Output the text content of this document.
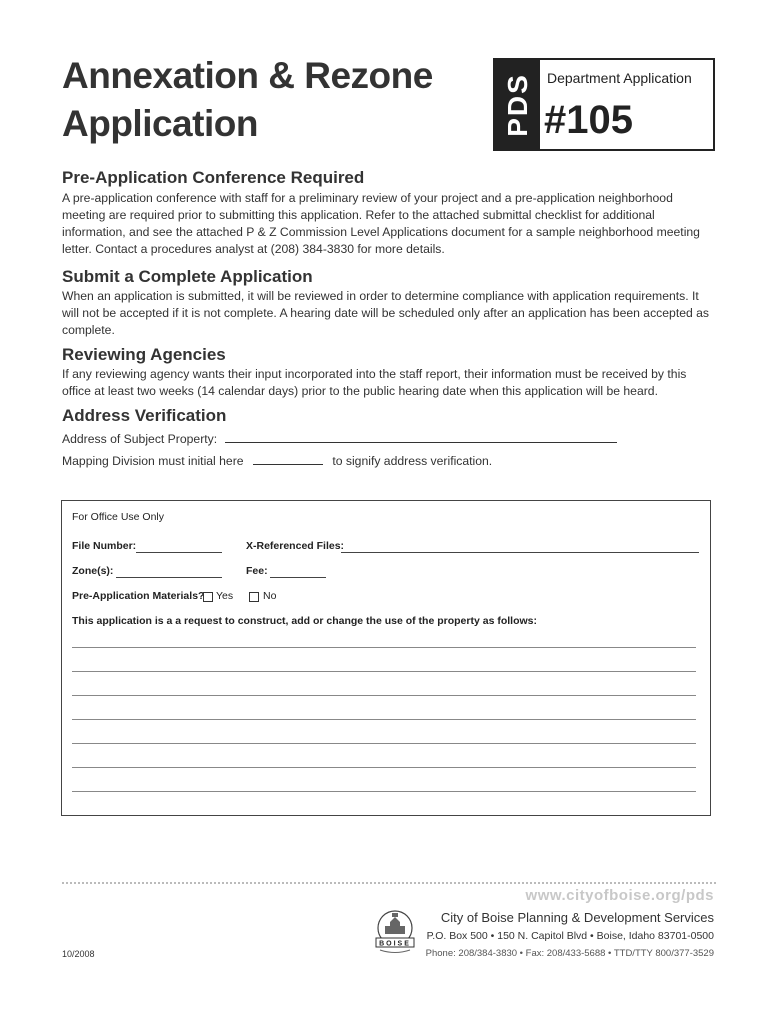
Annexation & Rezone
Application	PDS Department Application
#105
Pre-Application Conference Required

A pre-application conference with staff for a preliminary review of your project and a pre-application neighborhood meeting are required prior to submitting this application. Refer to the attached submittal checklist for additional information, and see the attached P & Z Commission Level Applications document for a sample neighborhood meeting letter. Contact a procedures analyst at (208) 384-3830 for more details.

Submit a Complete Application

When an application is submitted, it will be reviewed in order to determine compliance with application requirements. It will not be accepted if it is not complete. A hearing date will be scheduled only after an application has been accepted as complete.

Reviewing Agencies

If any reviewing agency wants their input incorporated into the staff report, their information must be received by this office at least two weeks (14 calendar days) prior to the public hearing date when this application will be heard.

Address Verification
Address of Subject Property:
Mapping Division must initial here	to signify address verification.
For Office Use Only
File Number:	X-Referenced Files:
Zone(s):	Fee:
Pre-Application Materials? Yes	No
This application is a a request to construct, add or change the use of the property as follows:
www.cityofboise.org/pds
City of Boise Planning & Development Services
P.O. Box 500 • 150 N. Capitol Blvd • Boise, Idaho 83701-0500
Phone: 208/384-3830 • Fax: 208/433-5688 • TTD/TTY 800/377-3529
10/2008
BOISE
